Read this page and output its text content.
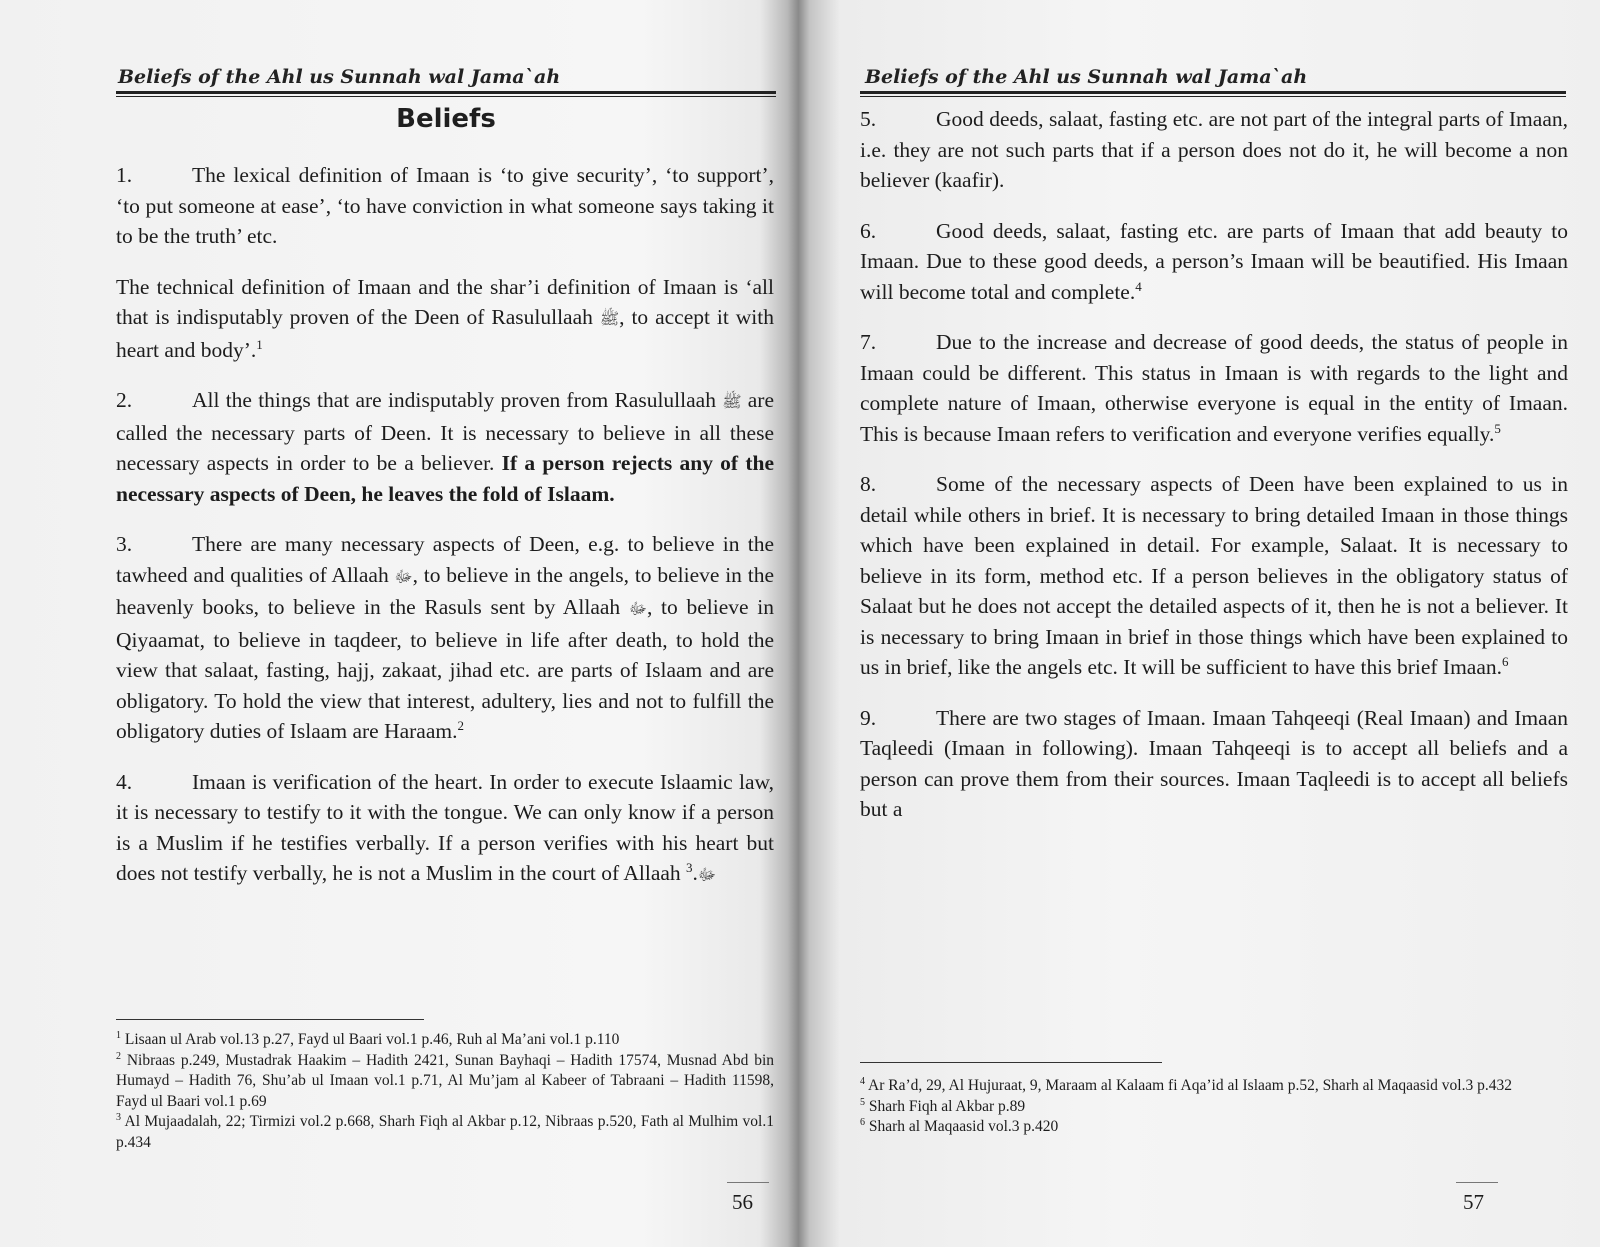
Beliefs of the Ahl us Sunnah wal Jama`ah
Beliefs

1.	The lexical definition of Imaan is ‘to give security’, ‘to support’, ‘to put someone at ease’, ‘to have conviction in what someone says taking it to be the truth’ etc.

The technical definition of Imaan and the shar’i definition of Imaan is ‘all that is indisputably proven of the Deen of Rasulullaah ﷺ, to accept it with heart and body’.$^1$

2.	All the things that are indisputably proven from Rasulullaah ﷺ are called the necessary parts of Deen. It is necessary to believe in all these necessary aspects in order to be a believer. If a person rejects any of the necessary aspects of Deen, he leaves the fold of Islaam.

3.	There are many necessary aspects of Deen, e.g. to believe in the tawheed and qualities of Allaah ﷻ, to believe in the angels, to believe in the heavenly books, to believe in the Rasuls sent by Allaah ﷻ, to believe in Qiyaamat, to believe in taqdeer, to believe in life after death, to hold the view that salaat, fasting, hajj, zakaat, jihad etc. are parts of Islaam and are obligatory. To hold the view that interest, adultery, lies and not to fulfill the obligatory duties of Islaam are Haraam.$^2$

4.	Imaan is verification of the heart. In order to execute Islaamic law, it is necessary to testify to it with the tongue. We can only know if a person is a Muslim if he testifies verbally. If a person verifies with his heart but does not testify verbally, he is not a Muslim in the court of Allaah ﷻ.$^3$

$^1$ Lisaan ul Arab vol.13 p.27, Fayd ul Baari vol.1 p.46, Ruh al Ma’ani vol.1 p.110
$^2$ Nibraas p.249, Mustadrak Haakim – Hadith 2421, Sunan Bayhaqi – Hadith 17574, Musnad Abd bin Humayd – Hadith 76, Shu’ab ul Imaan vol.1 p.71, Al Mu’jam al Kabeer of Tabraani – Hadith 11598, Fayd ul Baari vol.1 p.69
$^3$ Al Mujaadalah, 22; Tirmizi vol.2 p.668, Sharh Fiqh al Akbar p.12, Nibraas p.520, Fath al Mulhim vol.1 p.434
56
Beliefs of the Ahl us Sunnah wal Jama`ah

5.	Good deeds, salaat, fasting etc. are not part of the integral parts of Imaan, i.e. they are not such parts that if a person does not do it, he will become a non believer (kaafir).

6.	Good deeds, salaat, fasting etc. are parts of Imaan that add beauty to Imaan. Due to these good deeds, a person’s Imaan will be beautified. His Imaan will become total and complete.$^4$

7.	Due to the increase and decrease of good deeds, the status of people in Imaan could be different. This status in Imaan is with regards to the light and complete nature of Imaan, otherwise everyone is equal in the entity of Imaan. This is because Imaan refers to verification and everyone verifies equally.$^5$

8.	Some of the necessary aspects of Deen have been explained to us in detail while others in brief. It is necessary to bring detailed Imaan in those things which have been explained in detail. For example, Salaat. It is necessary to believe in its form, method etc. If a person believes in the obligatory status of Salaat but he does not accept the detailed aspects of it, then he is not a believer. It is necessary to bring Imaan in brief in those things which have been explained to us in brief, like the angels etc. It will be sufficient to have this brief Imaan.$^6$

9.	There are two stages of Imaan. Imaan Tahqeeqi (Real Imaan) and Imaan Taqleedi (Imaan in following). Imaan Tahqeeqi is to accept all beliefs and a person can prove them from their sources. Imaan Taqleedi is to accept all beliefs but a

$^4$ Ar Ra’d, 29, Al Hujuraat, 9, Maraam al Kalaam fi Aqa’id al Islaam p.52, Sharh al Maqaasid vol.3 p.432
$^5$ Sharh Fiqh al Akbar p.89
$^6$ Sharh al Maqaasid vol.3 p.420
57
